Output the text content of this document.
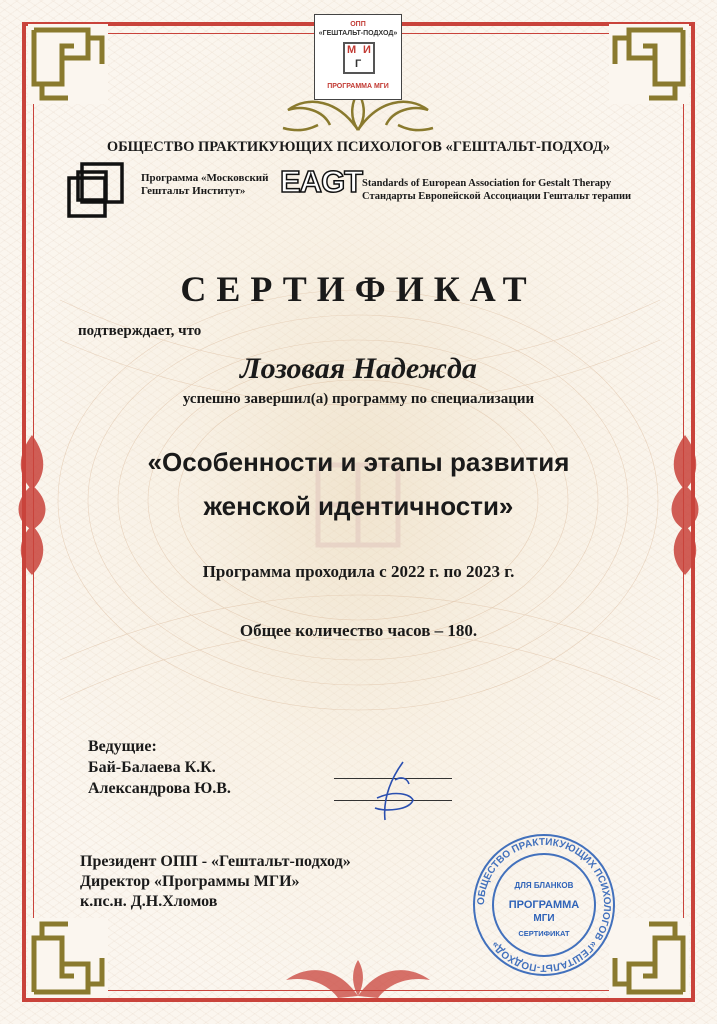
ОПП
«ГЕШТАЛЬТ-ПОДХОД»
М
Г
И
ПРОГРАММА МГИ
ОБЩЕСТВО ПРАКТИКУЮЩИХ ПСИХОЛОГОВ «ГЕШТАЛЬТ-ПОДХОД»
Программа «Московский
Гештальт Институт»	EAGT Standards of European Association for Gestalt Therapy
Стандарты Европейской Ассоциации Гештальт терапии
СЕРТИФИКАТ
подтверждает, что
Лозовая Надежда
успешно завершил(а) программу по специализации
«Особенности и этапы развития
женской идентичности»
Программа проходила с 2022 г. по 2023 г.
Общее количество часов – 180.
Ведущие:
Бай-Балаева К.К.
Александрова Ю.В.
Президент ОПП - «Гештальт-подход»
Директор «Программы МГИ»
к.пс.н. Д.Н.Хломов	ОБЩЕСТВО ПРАКТИКУЮЩИХ ПСИХОЛОГОВ «ГЕШТАЛЬТ-ПОДХОД»
ДЛЯ БЛАНКОВ
ПРОГРАММА
МГИ
СЕРТИФИКАТ
